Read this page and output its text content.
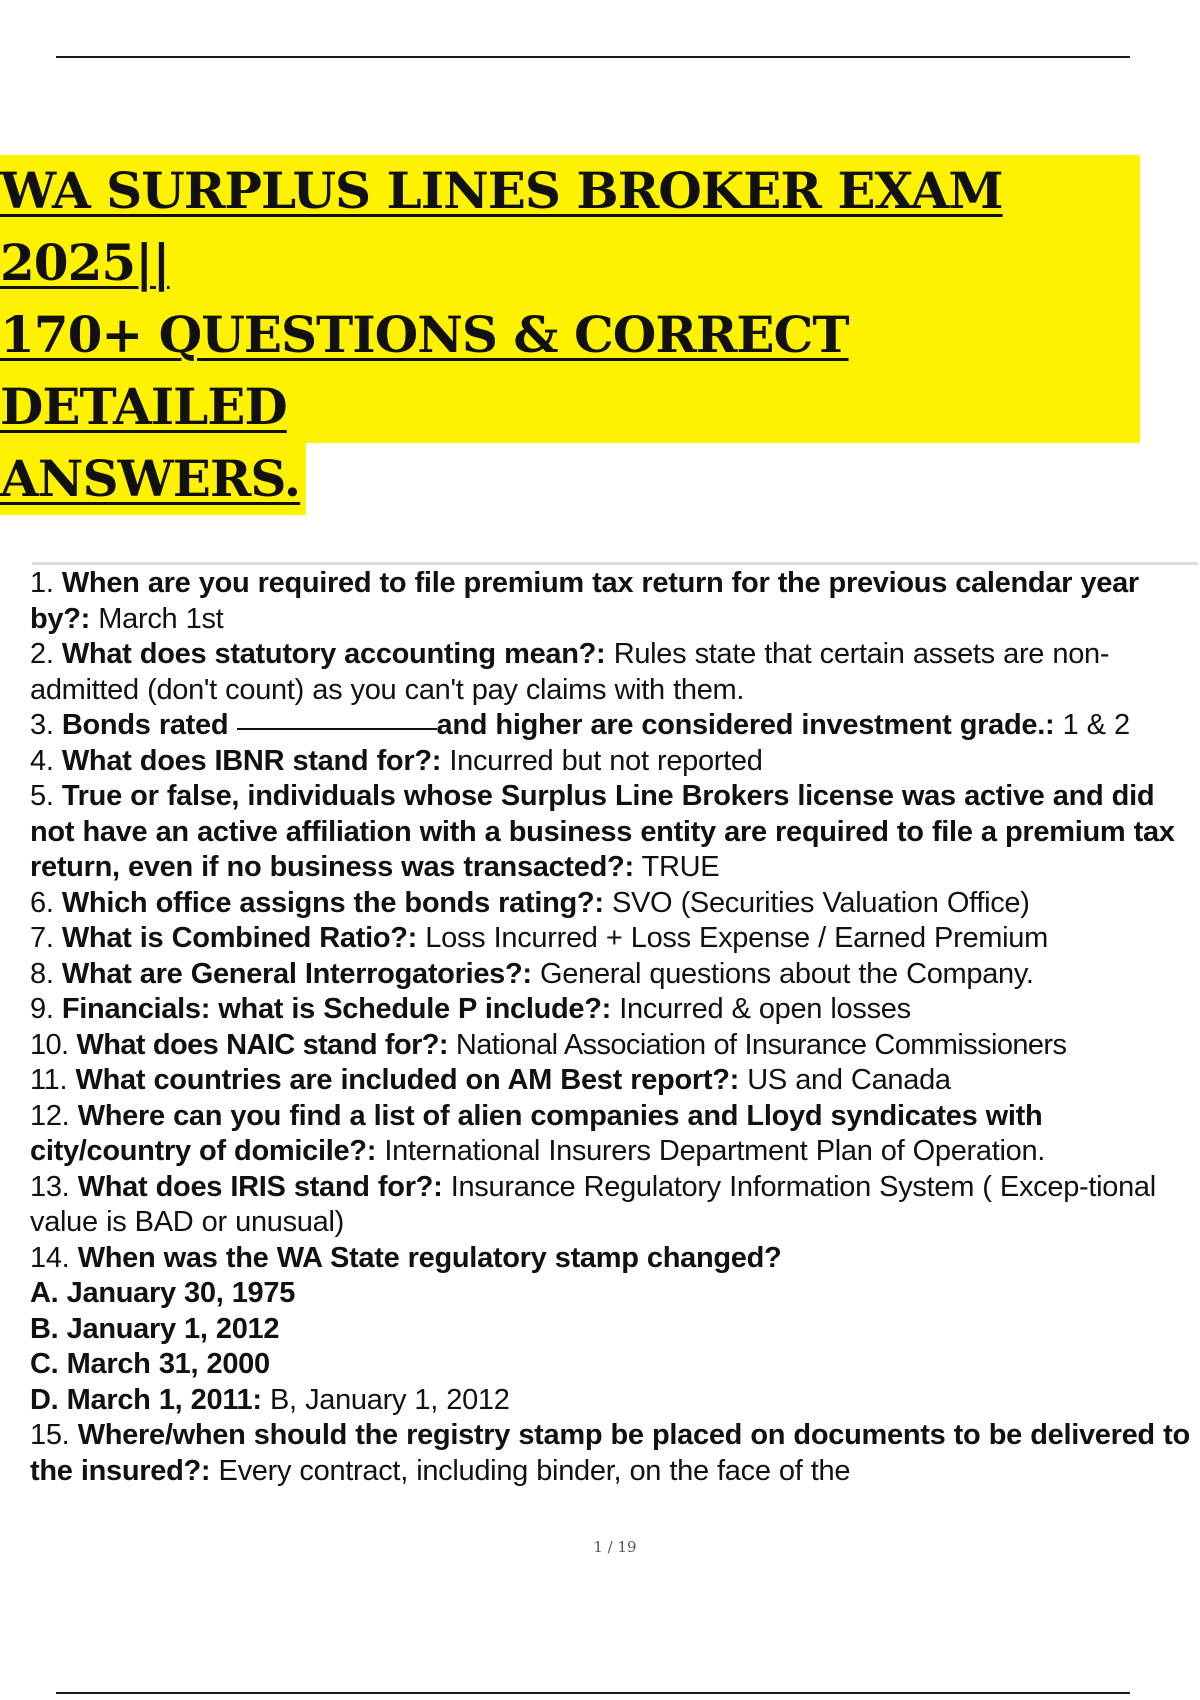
WA SURPLUS LINES BROKER EXAM 2025||
170+ QUESTIONS & CORRECT DETAILED
ANSWERS.

1. When are you required to file premium tax return for the previous calendar year by?: March 1st

2. What does statutory accounting mean?: Rules state that certain assets are non-admitted (don't count) as you can't pay claims with them.

3. Bonds rated	and higher are considered investment grade.: 1 & 2

4. What does IBNR stand for?: Incurred but not reported

5. True or false, individuals whose Surplus Line Brokers license was active and did not have an active affiliation with a business entity are required to file a premium tax return, even if no business was transacted?: TRUE

6. Which office assigns the bonds rating?: SVO (Securities Valuation Office)

7. What is Combined Ratio?: Loss Incurred + Loss Expense / Earned Premium

8. What are General Interrogatories?: General questions about the Company.

9. Financials: what is Schedule P include?: Incurred & open losses

10. What does NAIC stand for?: National Association of Insurance Commissioners

11. What countries are included on AM Best report?: US and Canada

12. Where can you find a list of alien companies and Lloyd syndicates with city/country of domicile?: International Insurers Department Plan of Operation.

13. What does IRIS stand for?: Insurance Regulatory Information System ( Excep-tional value is BAD or unusual)

14. When was the WA State regulatory stamp changed?

A. January 30, 1975

B. January 1, 2012

C. March 31, 2000

D. March 1, 2011: B, January 1, 2012

15. Where/when should the registry stamp be placed on documents to be delivered to the insured?: Every contract, including binder, on the face of the

1 / 19
